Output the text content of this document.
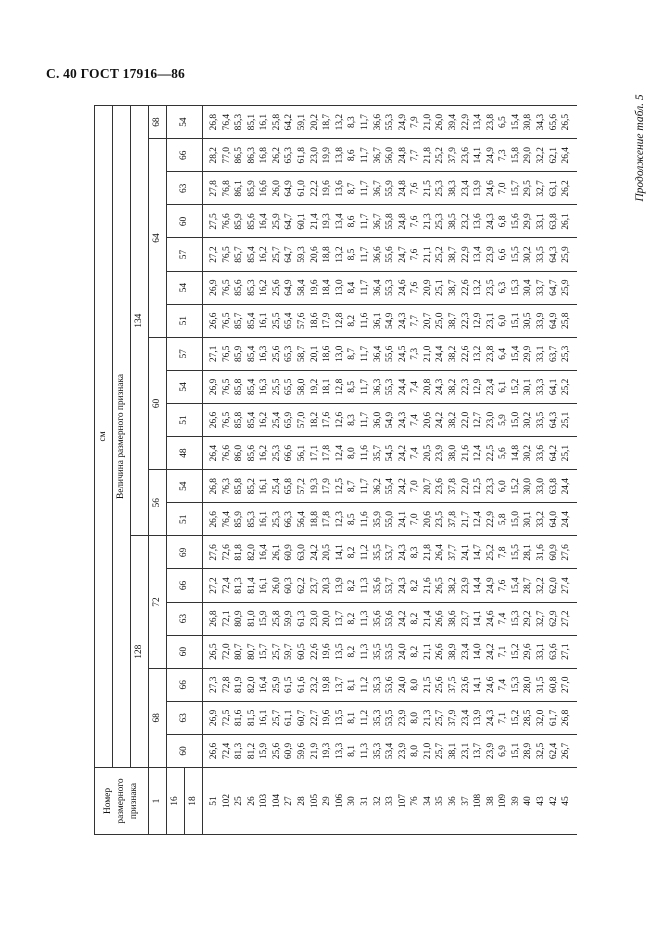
С. 40 ГОСТ 17916—86
Продолжение табл. 5
Номер размерного признака	см																			
	Величина размерного признака																			
	128							134												
1	68			72				56		60				64						68
16	60	63	66	60	63	66	69	51	54	48	51	54	57	51	54	57	60	63	66	54
18																				
51	26,6	26,9	27,3	26,5	26,8	27,2	27,6	26,6	26,8	26,4	26,6	26,9	27,1	26,6	26,9	27,2	27,5	27,8	28,2	26,8
102	72,4	72,5	72,8	72,0	72,1	72,4	72,6	76,4	76,3	76,6	76,5	76,5	76,5	76,5	76,5	76,5	76,6	76,8	77,0	76,4
25	81,3	81,6	81,9	80,7	80,9	81,3	81,8	85,9	85,8	86,0	85,8	85,8	85,9	85,7	85,6	85,7	85,9	86,1	86,5	85,3
26	81,2	81,5	82,0	80,7	81,0	81,4	82,0	85,3	85,2	85,6	85,4	85,4	85,4	85,4	85,3	85,4	85,6	85,9	86,3	85,1
103	15,9	16,1	16,4	15,7	15,9	16,1	16,4	16,1	16,1	16,2	16,2	16,3	16,3	16,1	16,2	16,2	16,4	16,6	16,8	16,1
104	25,6	25,7	25,9	25,7	25,8	26,0	26,1	25,3	25,4	25,3	25,4	25,5	25,6	25,5	25,6	25,7	25,9	26,0	26,2	25,8
27	60,9	61,1	61,5	59,7	59,9	60,3	60,9	66,3	65,8	66,6	65,9	65,5	65,3	65,4	64,9	64,7	64,7	64,9	65,3	64,2
28	59,6	60,7	61,6	60,5	61,3	62,2	63,0	56,4	57,2	56,1	57,0	58,0	58,7	57,6	58,4	59,3	60,1	61,0	61,8	59,1
105	21,9	22,7	23,2	22,6	23,0	23,7	24,2	18,8	19,3	17,1	18,2	19,2	20,1	18,6	19,6	20,6	21,4	22,2	23,0	20,2
29	19,3	19,6	19,8	19,6	20,0	20,3	20,5	17,8	17,9	17,8	17,6	18,1	18,6	17,9	18,4	18,8	19,3	19,6	19,9	18,7
106	13,3	13,5	13,7	13,5	13,7	13,9	14,1	12,3	12,5	12,4	12,6	12,8	13,0	12,8	13,0	13,2	13,4	13,6	13,8	13,2
30	8,1	8,1	8,1	8,2	8,2	8,2	8,2	8,5	8,7	8,0	8,3	8,5	8,7	8,2	8,4	8,5	8,6	8,7	8,6	8,3
31	11,3	11,2	11,2	11,3	11,3	11,3	11,2	11,6	11,7	11,6	11,7	11,7	11,7	11,6	11,7	11,7	11,7	11,7	11,7	11,7
32	35,3	35,3	35,3	35,5	35,6	35,6	35,5	35,9	36,2	35,7	36,0	36,3	36,4	36,1	36,4	36,6	36,7	36,7	36,7	36,6
33	53,4	53,5	53,6	53,5	53,6	53,7	53,7	55,0	55,4	54,5	54,9	55,3	55,6	54,9	55,3	55,6	55,8	55,9	56,0	55,3
107	23,9	23,9	24,0	24,0	24,2	24,3	24,3	24,1	24,2	24,2	24,3	24,4	24,5	24,3	24,6	24,7	24,8	24,8	24,8	24,9
76	8,0	8,0	8,0	8,2	8,2	8,2	8,3	7,0	7,0	7,4	7,4	7,4	7,3	7,7	7,6	7,6	7,6	7,6	7,7	7,9
34	21,0	21,3	21,5	21,1	21,4	21,6	21,8	20,6	20,7	20,5	20,6	20,8	21,0	20,7	20,9	21,1	21,3	21,5	21,8	21,0
35	25,7	25,7	25,6	26,6	26,6	26,5	26,4	23,5	23,6	23,9	24,2	24,3	24,4	25,0	25,1	25,2	25,3	25,3	25,2	26,0
36	38,1	37,9	37,5	38,9	38,6	38,2	37,7	37,8	37,8	38,0	38,2	38,2	38,2	38,7	38,7	38,7	38,5	38,3	37,9	39,4
37	23,1	23,4	23,6	23,4	23,7	23,9	24,1	21,7	22,0	21,6	22,0	22,3	22,6	22,3	22,6	22,9	23,2	23,4	23,6	22,9
108	13,7	13,9	14,1	14,0	14,1	14,4	14,7	12,4	12,5	12,4	12,7	12,9	13,2	12,9	13,2	13,4	13,6	13,9	14,1	13,4
38	23,9	24,3	24,6	24,2	24,6	24,9	25,2	22,9	23,3	22,5	23,0	23,4	23,8	23,1	23,5	23,9	24,3	24,6	24,9	23,8
109	6,9	7,1	7,4	7,1	7,4	7,6	7,8	5,8	6,0	5,6	5,9	6,1	6,4	6,0	6,3	6,6	6,8	7,0	7,3	6,5
39	15,1	15,2	15,3	15,2	15,3	15,4	15,5	15,0	15,2	14,8	15,0	15,2	15,4	15,1	15,3	15,5	15,6	15,7	15,8	15,4
40	28,9	28,5	28,0	29,6	29,2	28,7	28,1	30,1	30,0	30,2	30,2	30,1	29,9	30,5	30,4	30,2	29,9	29,5	29,0	30,8
43	32,5	32,0	31,5	33,1	32,7	32,2	31,6	33,2	33,0	33,6	33,5	33,3	33,1	33,9	33,7	33,5	33,1	32,7	32,2	34,3
42	62,4	61,7	60,8	63,6	62,9	62,0	60,9	64,0	63,8	64,2	64,3	64,1	63,7	64,9	64,7	64,3	63,8	63,1	62,1	65,6
45	26,7	26,8	27,0	27,1	27,2	27,4	27,6	24,4	24,4	25,1	25,1	25,2	25,3	25,8	25,9	25,9	26,1	26,2	26,4	26,5
